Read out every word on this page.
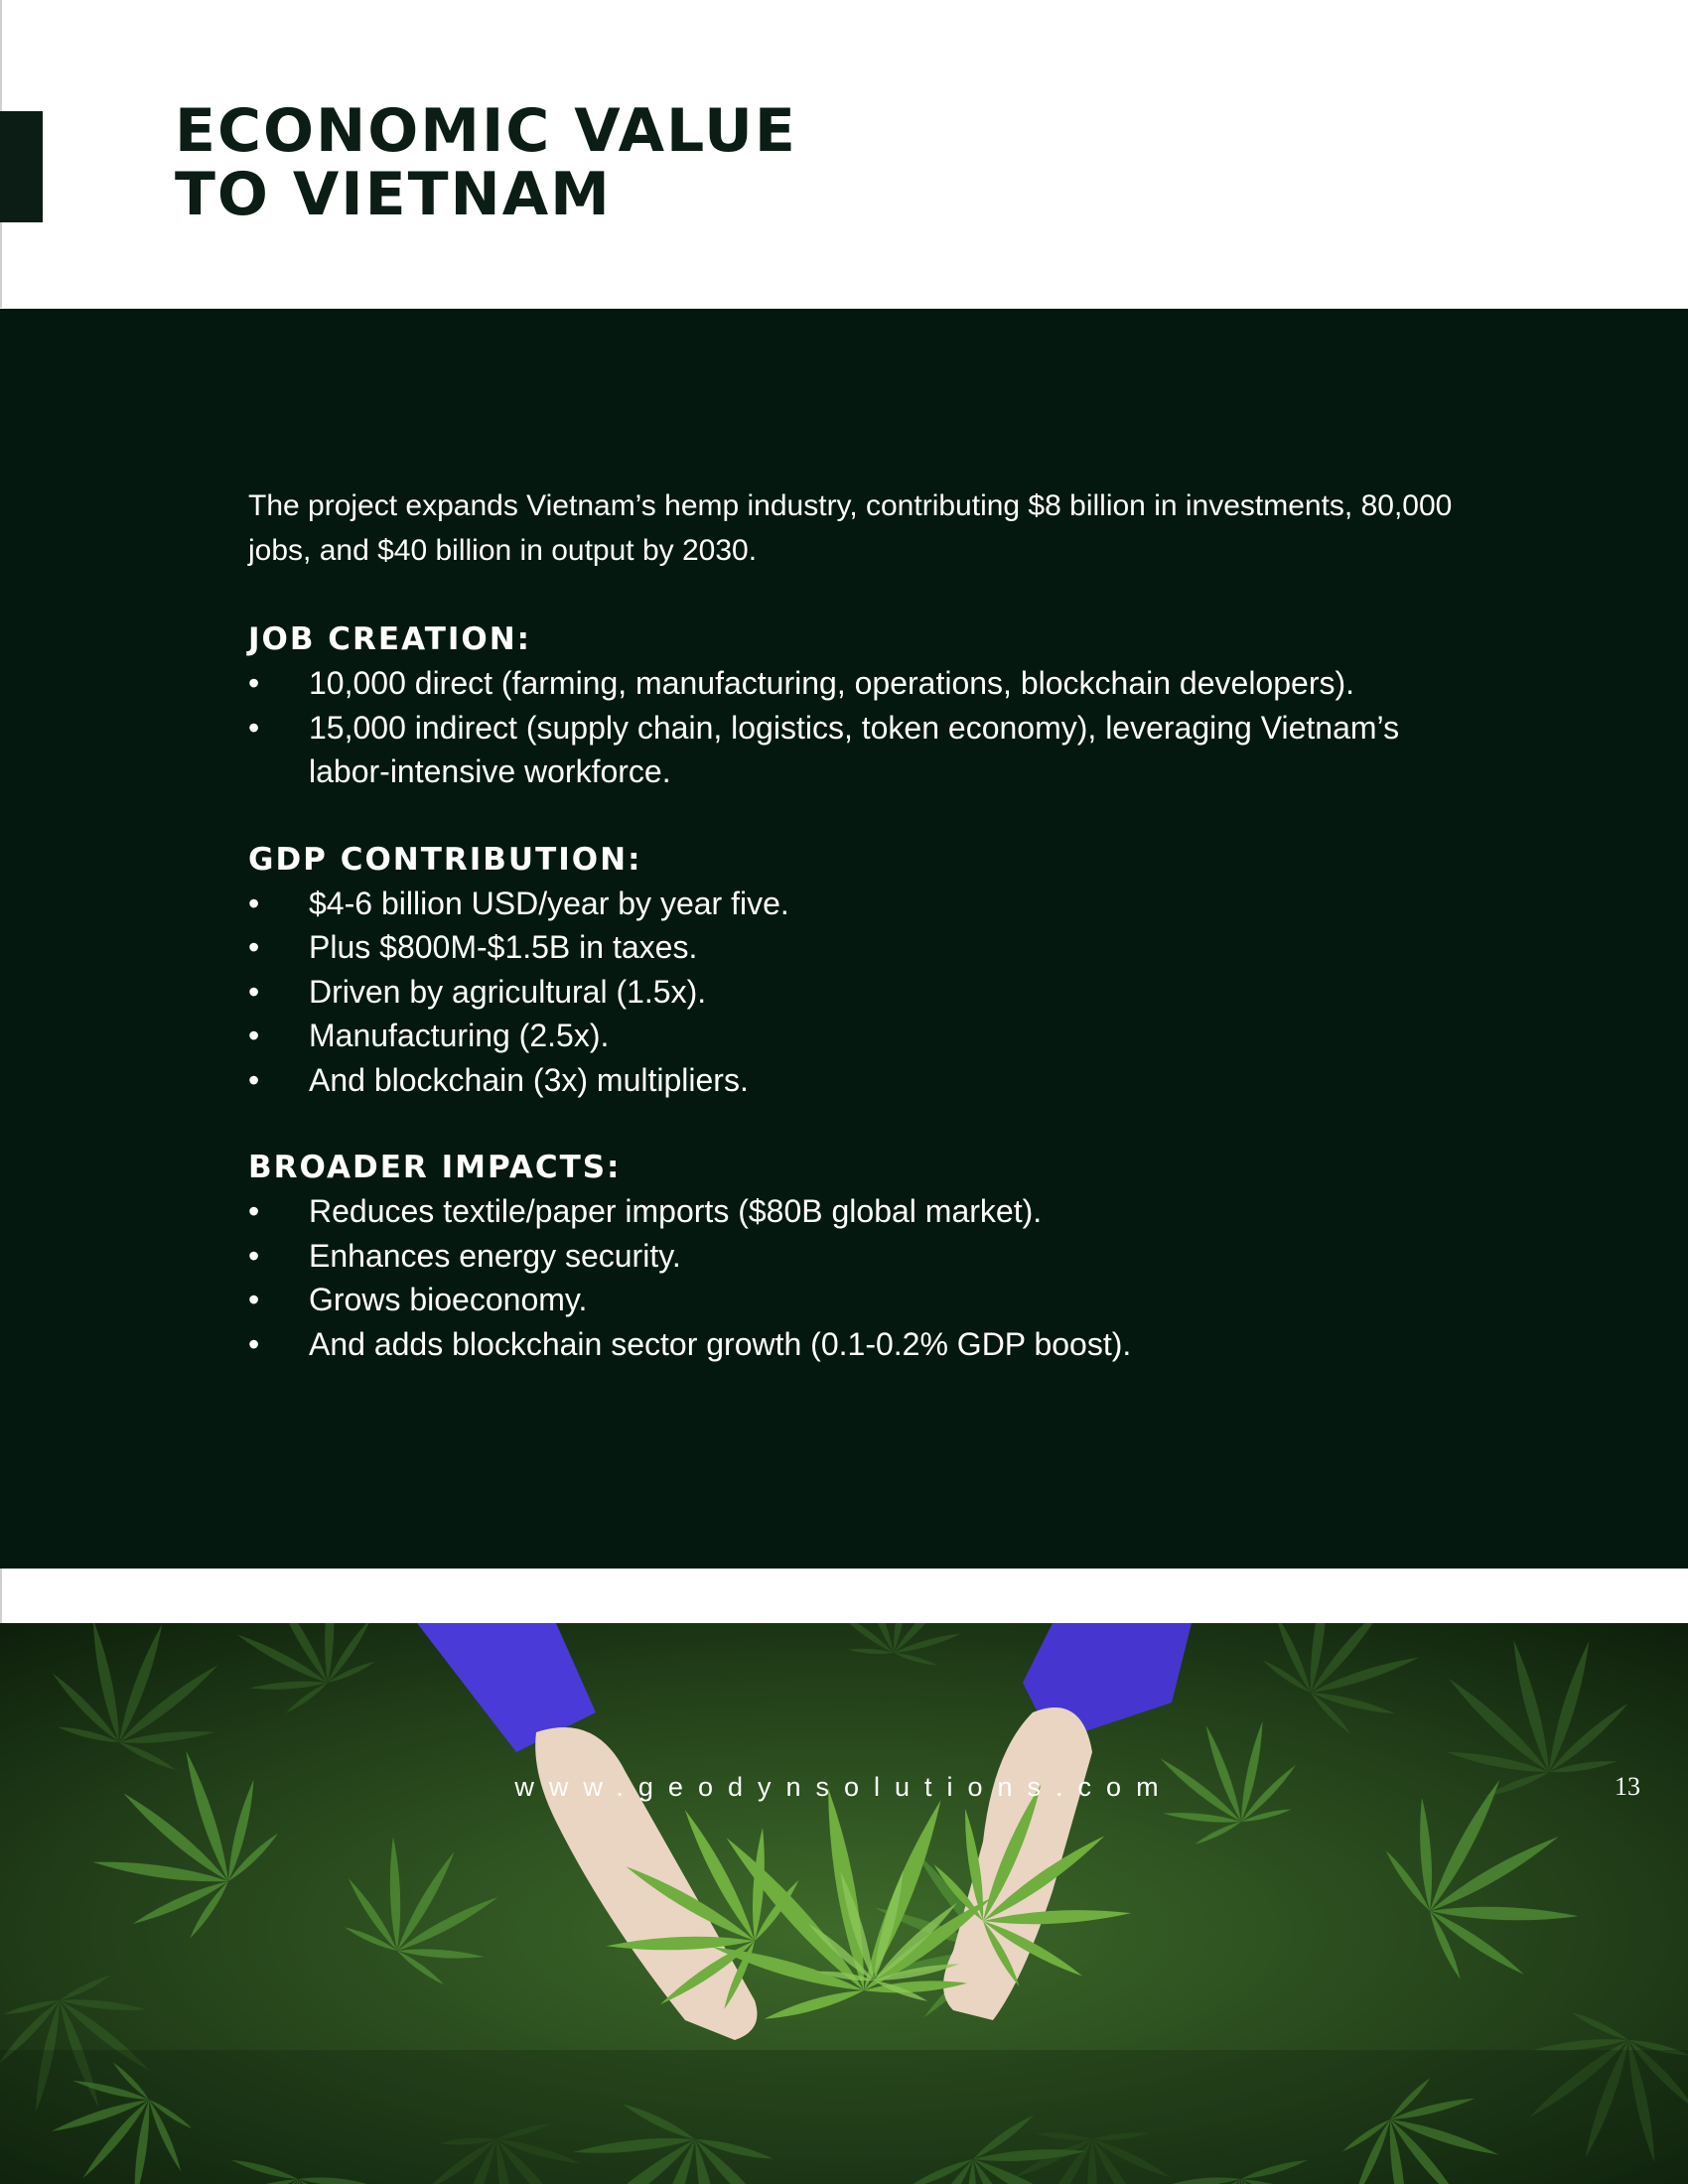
ECONOMIC VALUE
TO VIETNAM

The project expands Vietnam’s hemp industry, contributing $8 billion in investments, 80,000 jobs, and $40 billion in output by 2030.

JOB CREATION:
•	10,000 direct (farming, manufacturing, operations, blockchain developers).
•	15,000 indirect (supply chain, logistics, token economy), leveraging Vietnam’s labor-intensive workforce.
GDP CONTRIBUTION:
•	$4-6 billion USD/year by year five.
•	Plus $800M-$1.5B in taxes.
•	Driven by agricultural (1.5x).
•	Manufacturing (2.5x).
•	And blockchain (3x) multipliers.
BROADER IMPACTS:
•	Reduces textile/paper imports ($80B global market).
•	Enhances energy security.
•	Grows bioeconomy.
•	And adds blockchain sector growth (0.1-0.2% GDP boost).
www.geodynsolutions.com	13
